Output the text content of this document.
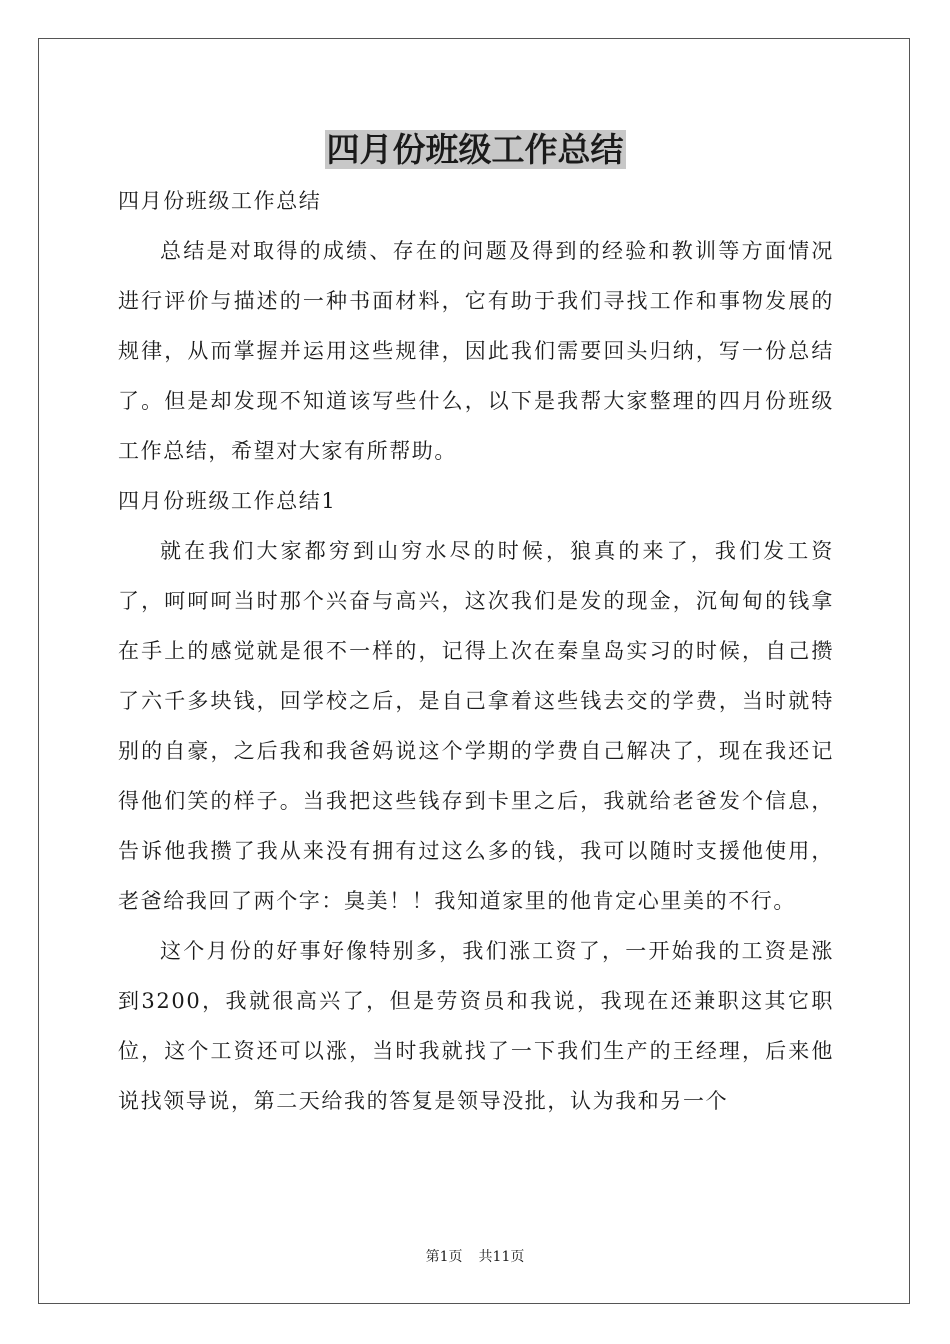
四月份班级工作总结

四月份班级工作总结

总结是对取得的成绩、存在的问题及得到的经验和教训等方面情况进行评价与描述的一种书面材料，它有助于我们寻找工作和事物发展的规律，从而掌握并运用这些规律，因此我们需要回头归纳，写一份总结了。但是却发现不知道该写些什么，以下是我帮大家整理的四月份班级工作总结，希望对大家有所帮助。

四月份班级工作总结1

就在我们大家都穷到山穷水尽的时候，狼真的来了，我们发工资了，呵呵呵当时那个兴奋与高兴，这次我们是发的现金，沉甸甸的钱拿在手上的感觉就是很不一样的，记得上次在秦皇岛实习的时候，自己攒了六千多块钱，回学校之后，是自己拿着这些钱去交的学费，当时就特别的自豪，之后我和我爸妈说这个学期的学费自己解决了，现在我还记得他们笑的样子。当我把这些钱存到卡里之后，我就给老爸发个信息，告诉他我攒了我从来没有拥有过这么多的钱，我可以随时支援他使用，老爸给我回了两个字：臭美！！我知道家里的他肯定心里美的不行。

这个月份的好事好像特别多，我们涨工资了，一开始我的工资是涨到3200，我就很高兴了，但是劳资员和我说，我现在还兼职这其它职位，这个工资还可以涨，当时我就找了一下我们生产的王经理，后来他说找领导说，第二天给我的答复是领导没批，认为我和另一个

第1页 共11页
